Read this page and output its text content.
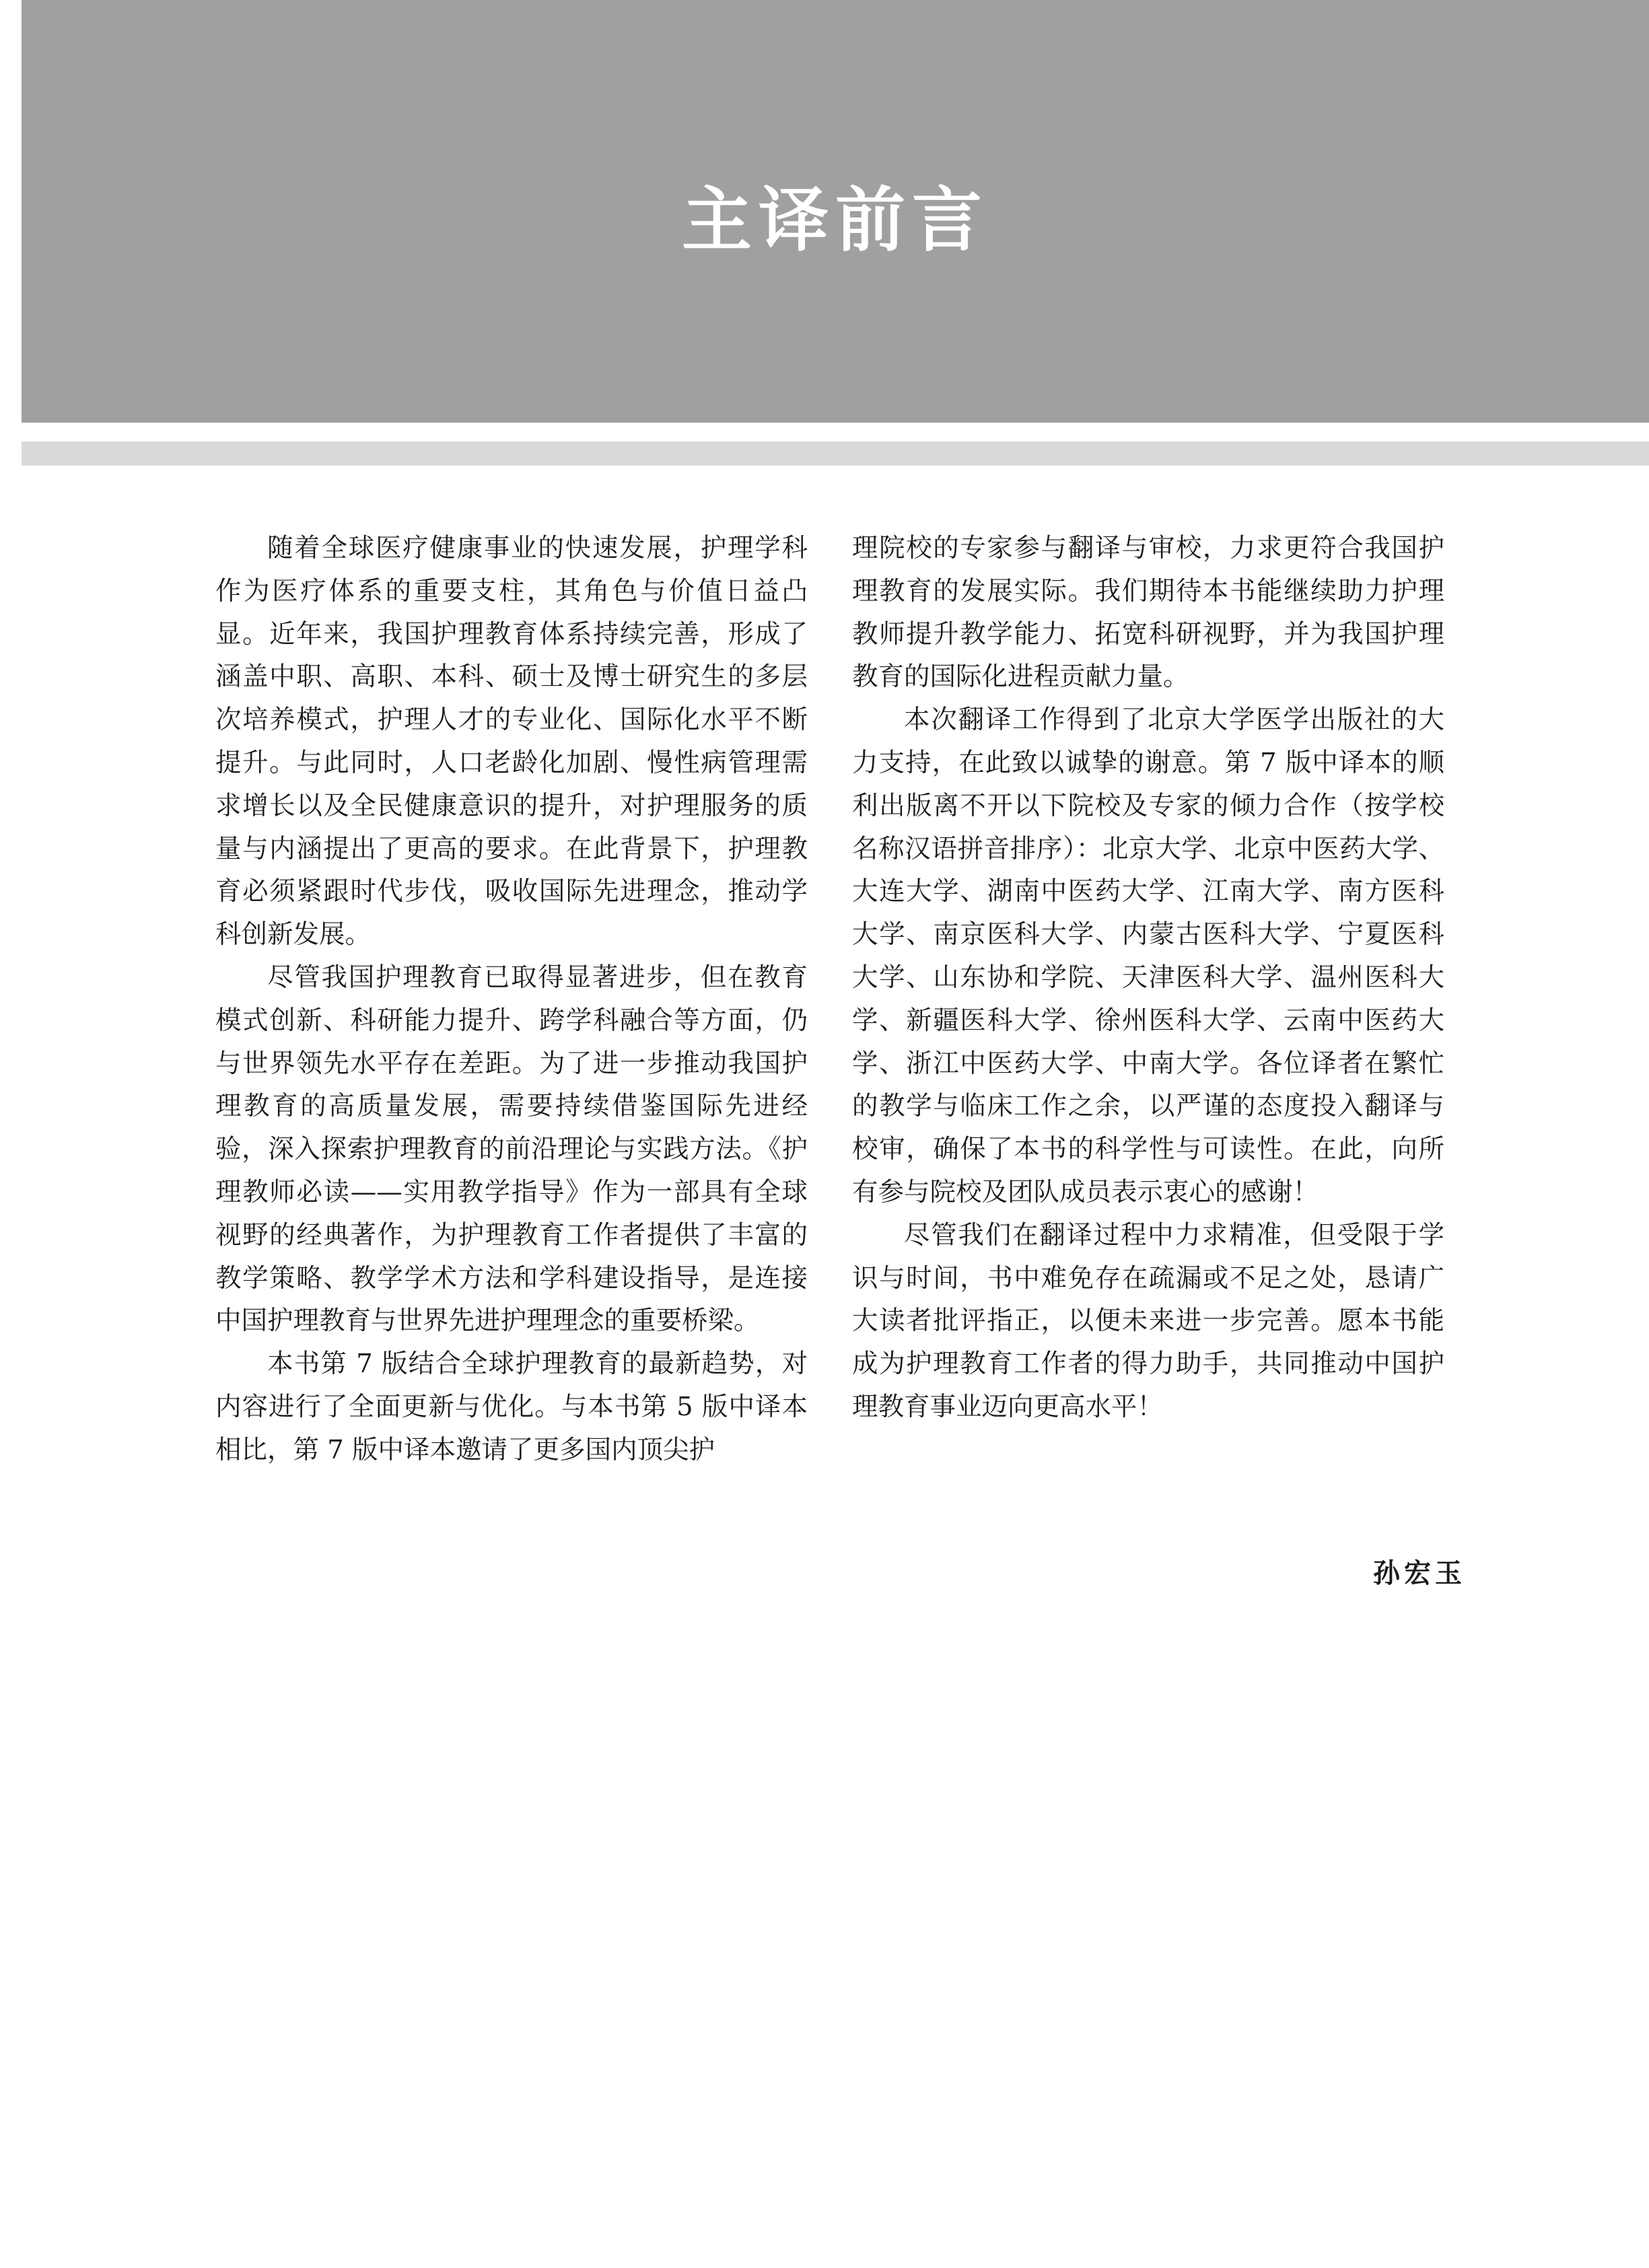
主译前言

随着全球医疗健康事业的快速发展，护理学科作为医疗体系的重要支柱，其角色与价值日益凸显。近年来，我国护理教育体系持续完善，形成了涵盖中职、高职、本科、硕士及博士研究生的多层次培养模式，护理人才的专业化、国际化水平不断提升。与此同时，人口老龄化加剧、慢性病管理需求增长以及全民健康意识的提升，对护理服务的质量与内涵提出了更高的要求。在此背景下，护理教育必须紧跟时代步伐，吸收国际先进理念，推动学科创新发展。

尽管我国护理教育已取得显著进步，但在教育模式创新、科研能力提升、跨学科融合等方面，仍与世界领先水平存在差距。为了进一步推动我国护理教育的高质量发展，需要持续借鉴国际先进经验，深入探索护理教育的前沿理论与实践方法。《护理教师必读——实用教学指导》作为一部具有全球视野的经典著作，为护理教育工作者提供了丰富的教学策略、教学学术方法和学科建设指导，是连接中国护理教育与世界先进护理理念的重要桥梁。

本书第 7 版结合全球护理教育的最新趋势，对内容进行了全面更新与优化。与本书第 5 版中译本相比，第 7 版中译本邀请了更多国内顶尖护

理院校的专家参与翻译与审校，力求更符合我国护理教育的发展实际。我们期待本书能继续助力护理教师提升教学能力、拓宽科研视野，并为我国护理教育的国际化进程贡献力量。

本次翻译工作得到了北京大学医学出版社的大力支持，在此致以诚挚的谢意。第 7 版中译本的顺利出版离不开以下院校及专家的倾力合作（按学校名称汉语拼音排序）：北京大学、北京中医药大学、大连大学、湖南中医药大学、江南大学、南方医科大学、南京医科大学、内蒙古医科大学、宁夏医科大学、山东协和学院、天津医科大学、温州医科大学、新疆医科大学、徐州医科大学、云南中医药大学、浙江中医药大学、中南大学。各位译者在繁忙的教学与临床工作之余，以严谨的态度投入翻译与校审，确保了本书的科学性与可读性。在此，向所有参与院校及团队成员表示衷心的感谢！

尽管我们在翻译过程中力求精准，但受限于学识与时间，书中难免存在疏漏或不足之处，恳请广大读者批评指正，以便未来进一步完善。愿本书能成为护理教育工作者的得力助手，共同推动中国护理教育事业迈向更高水平！

孙宏玉
